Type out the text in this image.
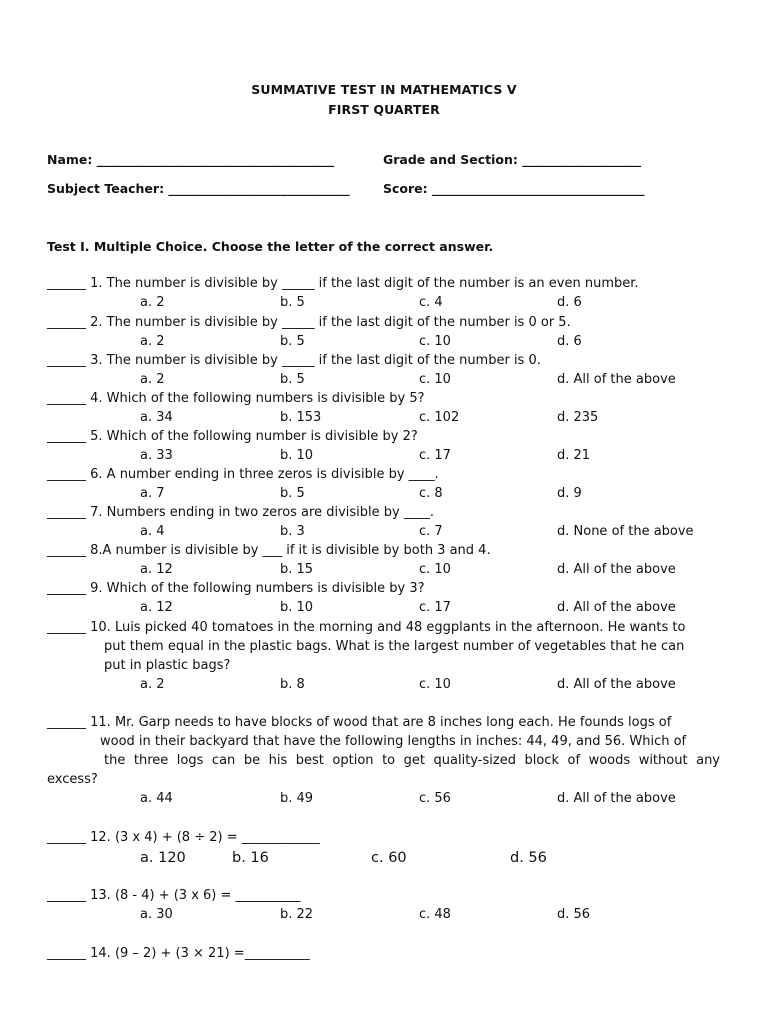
SUMMATIVE TEST IN MATHEMATICS V
FIRST QUARTER
Name: ______________________________________	Grade and Section: ___________________
Subject Teacher: _____________________________	Score: __________________________________
Test I. Multiple Choice. Choose the letter of the correct answer.
______ 1. The number is divisible by _____ if the last digit of the number is an even number.
a. 2	b. 5	c. 4	d. 6
______ 2. The number is divisible by _____ if the last digit of the number is 0 or 5.
a. 2	b. 5	c. 10	d. 6
______ 3. The number is divisible by _____ if the last digit of the number is 0.
a. 2	b. 5	c. 10	d. All of the above
______ 4. Which of the following numbers is divisible by 5?
a. 34	b. 153	c. 102	d. 235
______ 5. Which of the following number is divisible by 2?
a. 33	b. 10	c. 17	d. 21
______ 6. A number ending in three zeros is divisible by ____.
a. 7	b. 5	c. 8	d. 9
______ 7. Numbers ending in two zeros are divisible by ____.
a. 4	b. 3	c. 7	d. None of the above
______ 8.A number is divisible by ___ if it is divisible by both 3 and 4.
a. 12	b. 15	c. 10	d. All of the above
______ 9. Which of the following numbers is divisible by 3?
a. 12	b. 10	c. 17	d. All of the above
______ 10. Luis picked 40 tomatoes in the morning and 48 eggplants in the afternoon. He wants to
put them equal in the plastic bags. What is the largest number of vegetables that he can
put in plastic bags?
a. 2	b. 8	c. 10	d. All of the above
______ 11. Mr. Garp needs to have blocks of wood that are 8 inches long each. He founds logs of
wood in their backyard that have the following lengths in inches: 44, 49, and 56. Which of
the three logs can be his best option to get quality-sized block of woods without any
excess?
a. 44	b. 49	c. 56	d. All of the above
______ 12. (3 x 4) + (8 ÷ 2) = ____________
a. 120	b. 16	c. 60	d. 56
______ 13. (8 - 4) + (3 x 6) = __________
a. 30	b. 22	c. 48	d. 56
______ 14. (9 – 2) + (3 × 21) =__________
